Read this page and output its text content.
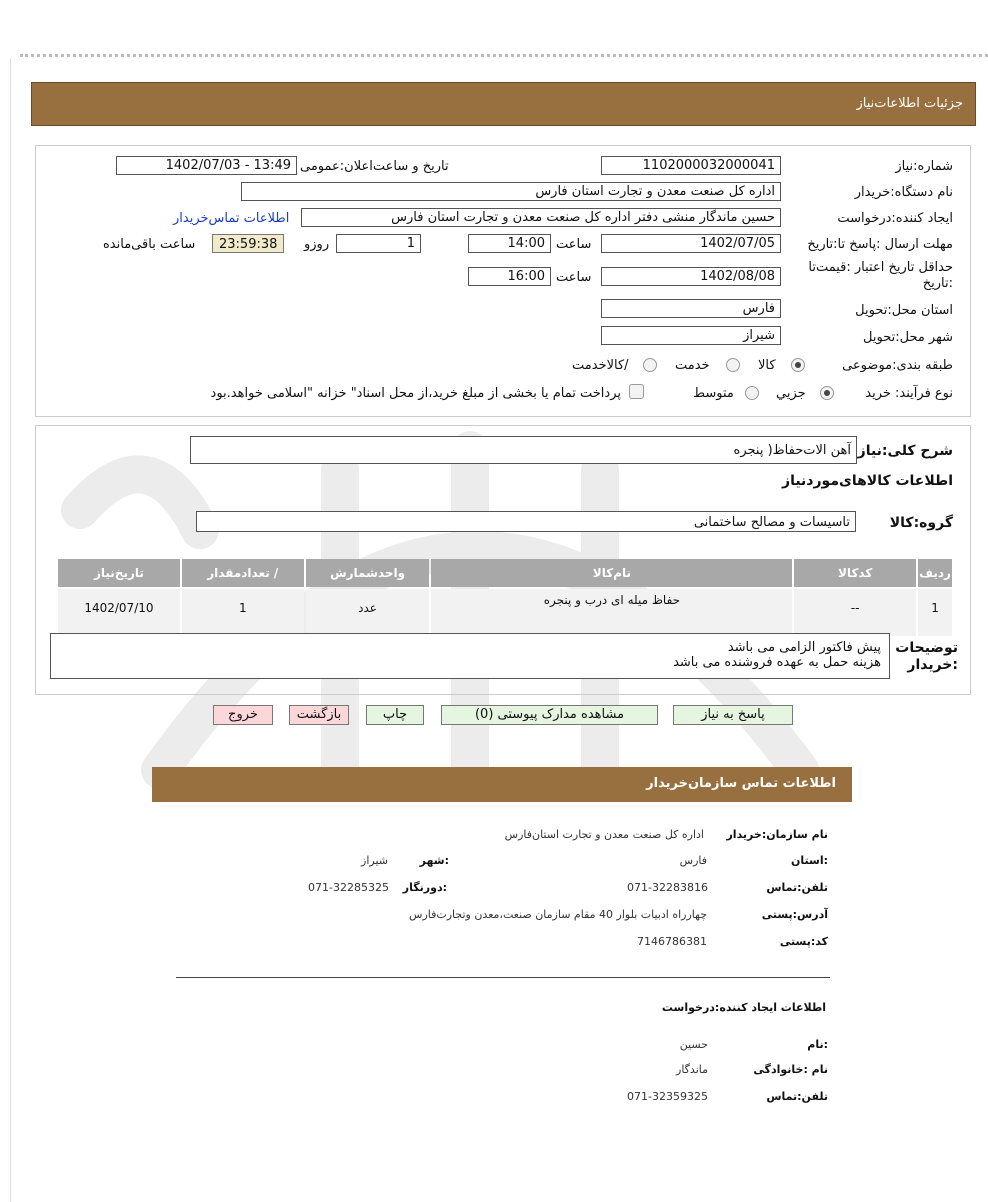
جزئیات اطلاعات‌نیاز
شماره:نیاز
1102000032000041
تاریخ و ساعت‌اعلان:عمومی
1402/07/03 - 13:49
نام دستگاه:خریدار
اداره کل صنعت معدن و تجارت استان فارس
ایجاد کننده:درخواست
حسین ماندگار منشی دفتر اداره کل صنعت معدن و تجارت استان فارس
اطلاعات تماس‌خریدار
مهلت ارسال :پاسخ تا:تاریخ
1402/07/05
ساعت
14:00
1
روزو
23:59:38
ساعت باقی‌مانده
حداقل تاریخ اعتبار :قیمت‌تا :تاریخ
1402/08/08
ساعت
16:00
استان محل:تحویل
فارس
شهر محل:تحویل
شیراز
طبقه بندی:موضوعی
کالا
خدمت
/کالاخدمت
نوع فرآیند: خرید
جزیي
متوسط
پرداخت تمام یا بخشی از مبلغ خرید،از محل اسناد" خزانه "اسلامی خواهد.بود
شرح کلی:نیاز
آهن الات‌حفاظ( پنجره
اطلاعات کالاهای‌موردنیاز
گروه:کالا
تاسیسات و مصالح ساختمانی
ردیف	کدکالا	نام‌کالا	واحدشمارش	/ تعدادمقدار	تاریخ‌نیاز
1	--	حفاظ میله ای درب و پنجره	عدد	1	1402/07/10
توضیحات :خریدار
پیش فاکتور الزامی می باشد
هزینه حمل به عهده فروشنده می باشد
پاسخ به نیاز
مشاهده مدارک پیوستی (0)
چاپ
بازگشت
خروج
اطلاعات تماس سازمان‌خریدار
نام سازمان:خریدار
اداره کل صنعت معدن و تجارت استان‌فارس
:استان
فارس
:شهر
شیراز
تلفن:تماس
071-32283816
:دورنگار
071-32285325
آدرس:پستی
چهارراه ادبیات بلوار 40 مقام سازمان صنعت،معدن وتجارت‌فارس
کد:پستی
7146786381
اطلاعات ایجاد کننده:درخواست
:نام
حسین
نام :خانوادگی
ماندگار
تلفن:تماس
071-32359325
